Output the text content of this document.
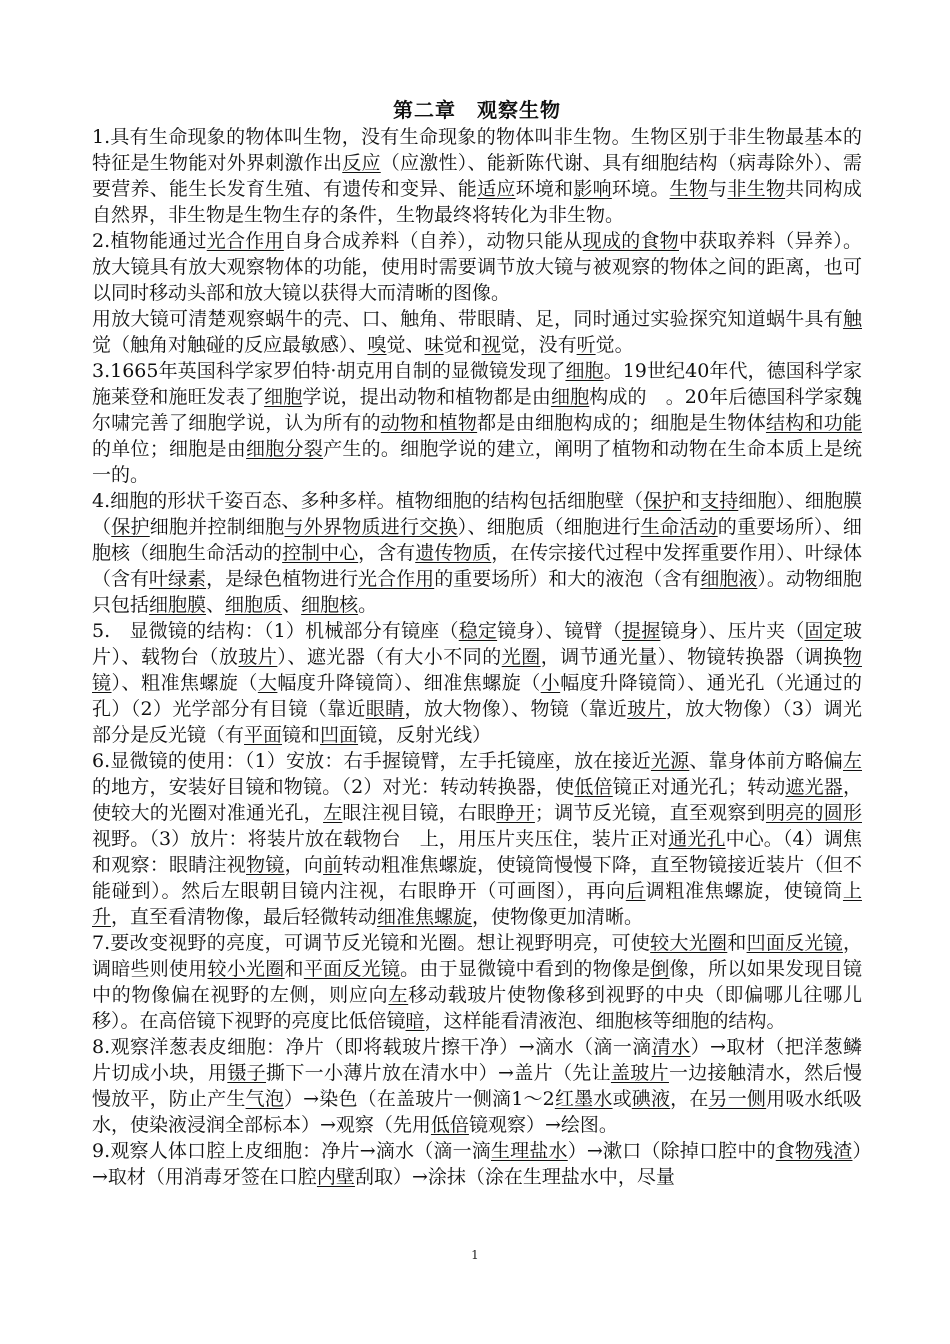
第二章　观察生物

1.具有生命现象的物体叫生物，没有生命现象的物体叫非生物。生物区别于非生物最基本的特征是生物能对外界刺激作出反应（应激性）、能新陈代谢、具有细胞结构（病毒除外）、需要营养、能生长发育生殖、有遗传和变异、能适应环境和影响环境。生物与非生物共同构成自然界，非生物是生物生存的条件，生物最终将转化为非生物。

2.植物能通过光合作用自身合成养料（自养），动物只能从现成的食物中获取养料（异养）。放大镜具有放大观察物体的功能，使用时需要调节放大镜与被观察的物体之间的距离，也可以同时移动头部和放大镜以获得大而清晰的图像。

用放大镜可清楚观察蜗牛的壳、口、触角、带眼睛、足，同时通过实验探究知道蜗牛具有触觉（触角对触碰的反应最敏感）、嗅觉、味觉和视觉，没有听觉。

3.1665年英国科学家罗伯特·胡克用自制的显微镜发现了细胞。19世纪40年代，德国科学家施莱登和施旺发表了细胞学说，提出动物和植物都是由细胞构成的　。20年后德国科学家魏尔啸完善了细胞学说，认为所有的动物和植物都是由细胞构成的；细胞是生物体结构和功能的单位；细胞是由细胞分裂产生的。细胞学说的建立，阐明了植物和动物在生命本质上是统一的。

4.细胞的形状千姿百态、多种多样。植物细胞的结构包括细胞壁（保护和支持细胞）、细胞膜（保护细胞并控制细胞与外界物质进行交换）、细胞质（细胞进行生命活动的重要场所）、细胞核（细胞生命活动的控制中心，含有遗传物质，在传宗接代过程中发挥重要作用）、叶绿体（含有叶绿素，是绿色植物进行光合作用的重要场所）和大的液泡（含有细胞液）。动物细胞只包括细胞膜、细胞质、细胞核。

5.　显微镜的结构：（1）机械部分有镜座（稳定镜身）、镜臂（提握镜身）、压片夹（固定玻片）、载物台（放玻片）、遮光器（有大小不同的光圈，调节通光量）、物镜转换器（调换物镜）、粗准焦螺旋（大幅度升降镜筒）、细准焦螺旋（小幅度升降镜筒）、通光孔（光通过的孔）（2）光学部分有目镜（靠近眼睛，放大物像）、物镜（靠近玻片，放大物像）（3）调光部分是反光镜（有平面镜和凹面镜，反射光线）

6.显微镜的使用：（1）安放：右手握镜臂，左手托镜座，放在接近光源、靠身体前方略偏左的地方，安装好目镜和物镜。（2）对光：转动转换器，使低倍镜正对通光孔；转动遮光器，使较大的光圈对准通光孔，左眼注视目镜，右眼睁开；调节反光镜，直至观察到明亮的圆形视野。（3）放片：将装片放在载物台　上，用压片夹压住，装片正对通光孔中心。（4）调焦和观察：眼睛注视物镜，向前转动粗准焦螺旋，使镜筒慢慢下降，直至物镜接近装片（但不能碰到）。然后左眼朝目镜内注视，右眼睁开（可画图），再向后调粗准焦螺旋，使镜筒上升，直至看清物像，最后轻微转动细准焦螺旋，使物像更加清晰。

7.要改变视野的亮度，可调节反光镜和光圈。想让视野明亮，可使较大光圈和凹面反光镜，调暗些则使用较小光圈和平面反光镜。由于显微镜中看到的物像是倒像，所以如果发现目镜中的物像偏在视野的左侧，则应向左移动载玻片使物像移到视野的中央（即偏哪儿往哪儿移）。在高倍镜下视野的亮度比低倍镜暗，这样能看清液泡、细胞核等细胞的结构。

8.观察洋葱表皮细胞：净片（即将载玻片擦干净）→滴水（滴一滴清水）→取材（把洋葱鳞片切成小块，用镊子撕下一小薄片放在清水中）→盖片（先让盖玻片一边接触清水，然后慢慢放平，防止产生气泡）→染色（在盖玻片一侧滴1～2红墨水或碘液，在另一侧用吸水纸吸水，使染液浸润全部标本）→观察（先用低倍镜观察）→绘图。

9.观察人体口腔上皮细胞：净片→滴水（滴一滴生理盐水）→漱口（除掉口腔中的食物残渣）→取材（用消毒牙签在口腔内壁刮取）→涂抹（涂在生理盐水中，尽量

1
